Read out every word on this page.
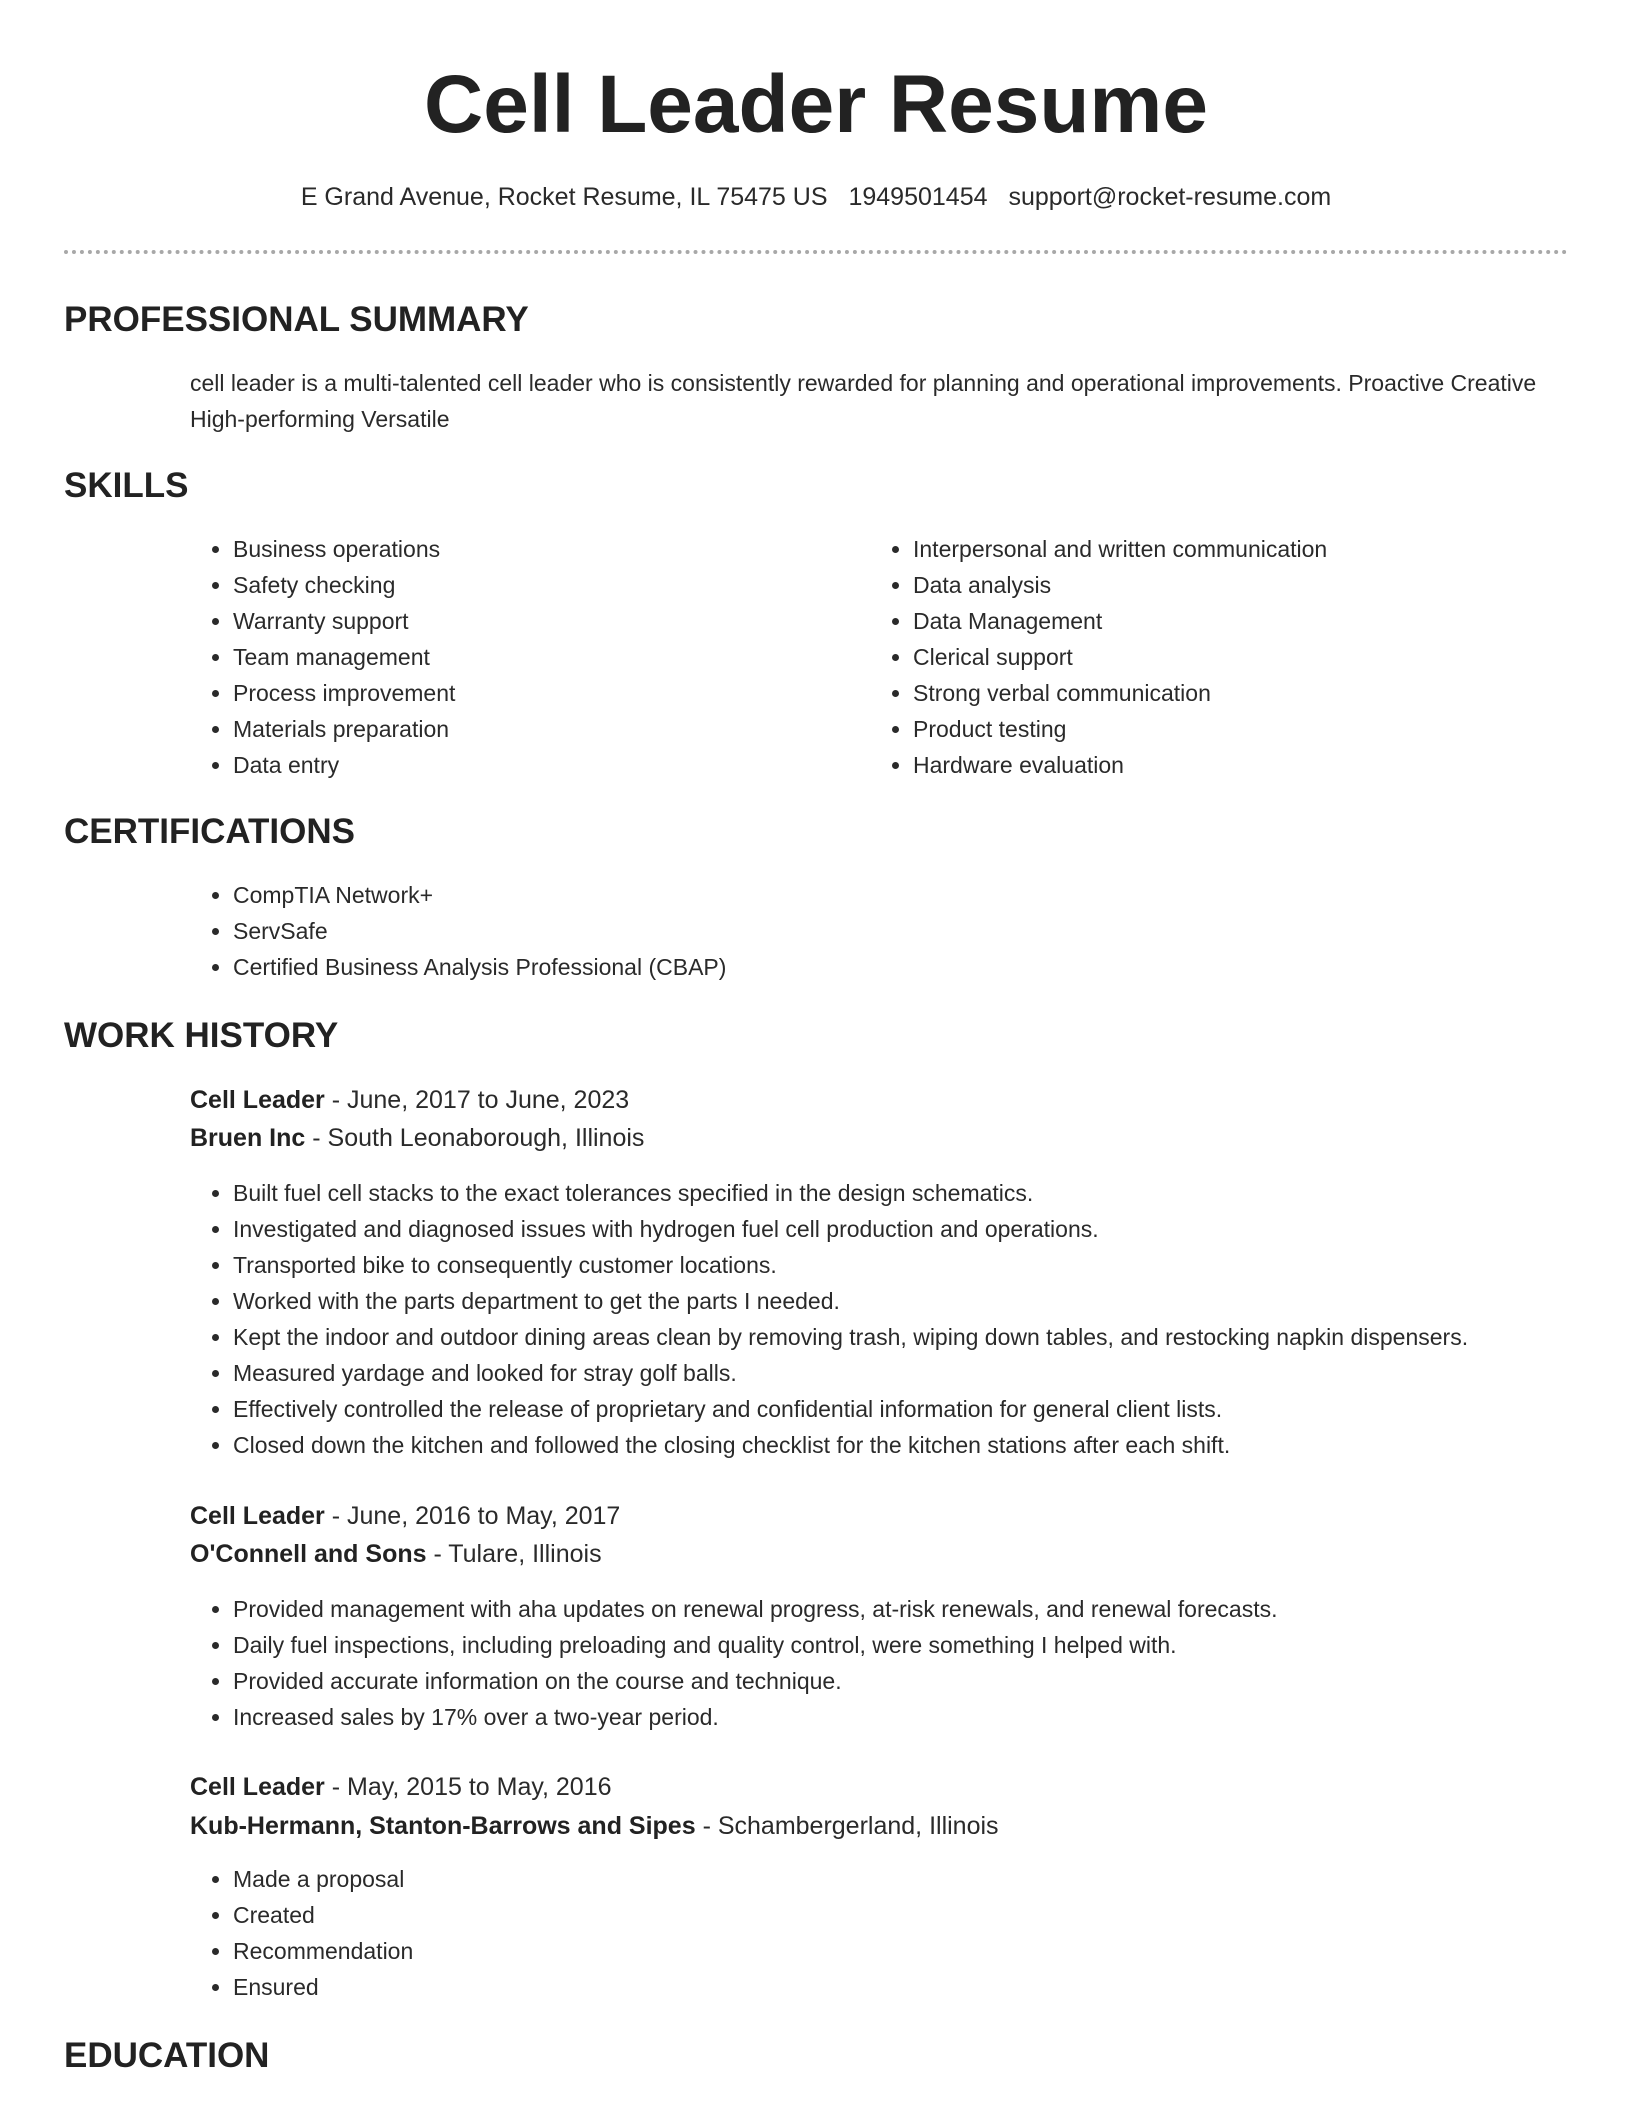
Cell Leader Resume
E Grand Avenue, Rocket Resume, IL 75475 US 1949501454 support@rocket-resume.com
PROFESSIONAL SUMMARY

cell leader is a multi-talented cell leader who is consistently rewarded for planning and operational improvements. Proactive Creative High-performing Versatile

SKILLS
• Business operations
• Safety checking
• Warranty support
• Team management
• Process improvement
• Materials preparation
• Data entry
• Interpersonal and written communication
• Data analysis
• Data Management
• Clerical support
• Strong verbal communication
• Product testing
• Hardware evaluation
CERTIFICATIONS
• CompTIA Network+
• ServSafe
• Certified Business Analysis Professional (CBAP)
WORK HISTORY
Cell Leader - June, 2017 to June, 2023
Bruen Inc - South Leonaborough, Illinois
• Built fuel cell stacks to the exact tolerances specified in the design schematics.
• Investigated and diagnosed issues with hydrogen fuel cell production and operations.
• Transported bike to consequently customer locations.
• Worked with the parts department to get the parts I needed.
• Kept the indoor and outdoor dining areas clean by removing trash, wiping down tables, and restocking napkin dispensers.
• Measured yardage and looked for stray golf balls.
• Effectively controlled the release of proprietary and confidential information for general client lists.
• Closed down the kitchen and followed the closing checklist for the kitchen stations after each shift.
Cell Leader - June, 2016 to May, 2017
O'Connell and Sons - Tulare, Illinois
• Provided management with aha updates on renewal progress, at-risk renewals, and renewal forecasts.
• Daily fuel inspections, including preloading and quality control, were something I helped with.
• Provided accurate information on the course and technique.
• Increased sales by 17% over a two-year period.
Cell Leader - May, 2015 to May, 2016
Kub-Hermann, Stanton-Barrows and Sipes - Schambergerland, Illinois
• Made a proposal
• Created
• Recommendation
• Ensured
EDUCATION
